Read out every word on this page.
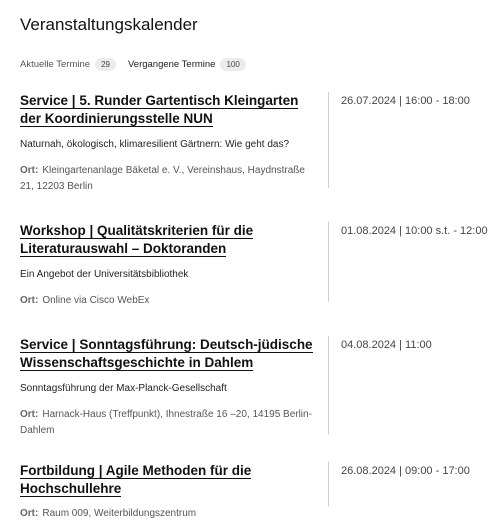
Veranstaltungskalender
Aktuelle Termine	29	Vergangene Termine	100
Service | 5. Runder Gartentisch Kleingarten der Koordinierungsstelle NUN
Naturnah, ökologisch, klimaresilient Gärtnern: Wie geht das?
Ort: Kleingartenanlage Bäketal e. V., Vereinshaus, Haydnstraße 21, 12203 Berlin
26.07.2024 | 16:00 - 18:00
Workshop | Qualitätskriterien für die Literaturauswahl – Doktoranden
Ein Angebot der Universitätsbibliothek
Ort: Online via Cisco WebEx
01.08.2024 | 10:00 s.t. - 12:00
Service | Sonntagsführung: Deutsch-jüdische Wissenschaftsgeschichte in Dahlem
Sonntagsführung der Max-Planck-Gesellschaft
Ort: Harnack-Haus (Treffpunkt), Ihnestraße 16 –20, 14195 Berlin-Dahlem
04.08.2024 | 11:00
Fortbildung | Agile Methoden für die Hochschullehre
Ort: Raum 009, Weiterbildungszentrum
26.08.2024 | 09:00 - 17:00
